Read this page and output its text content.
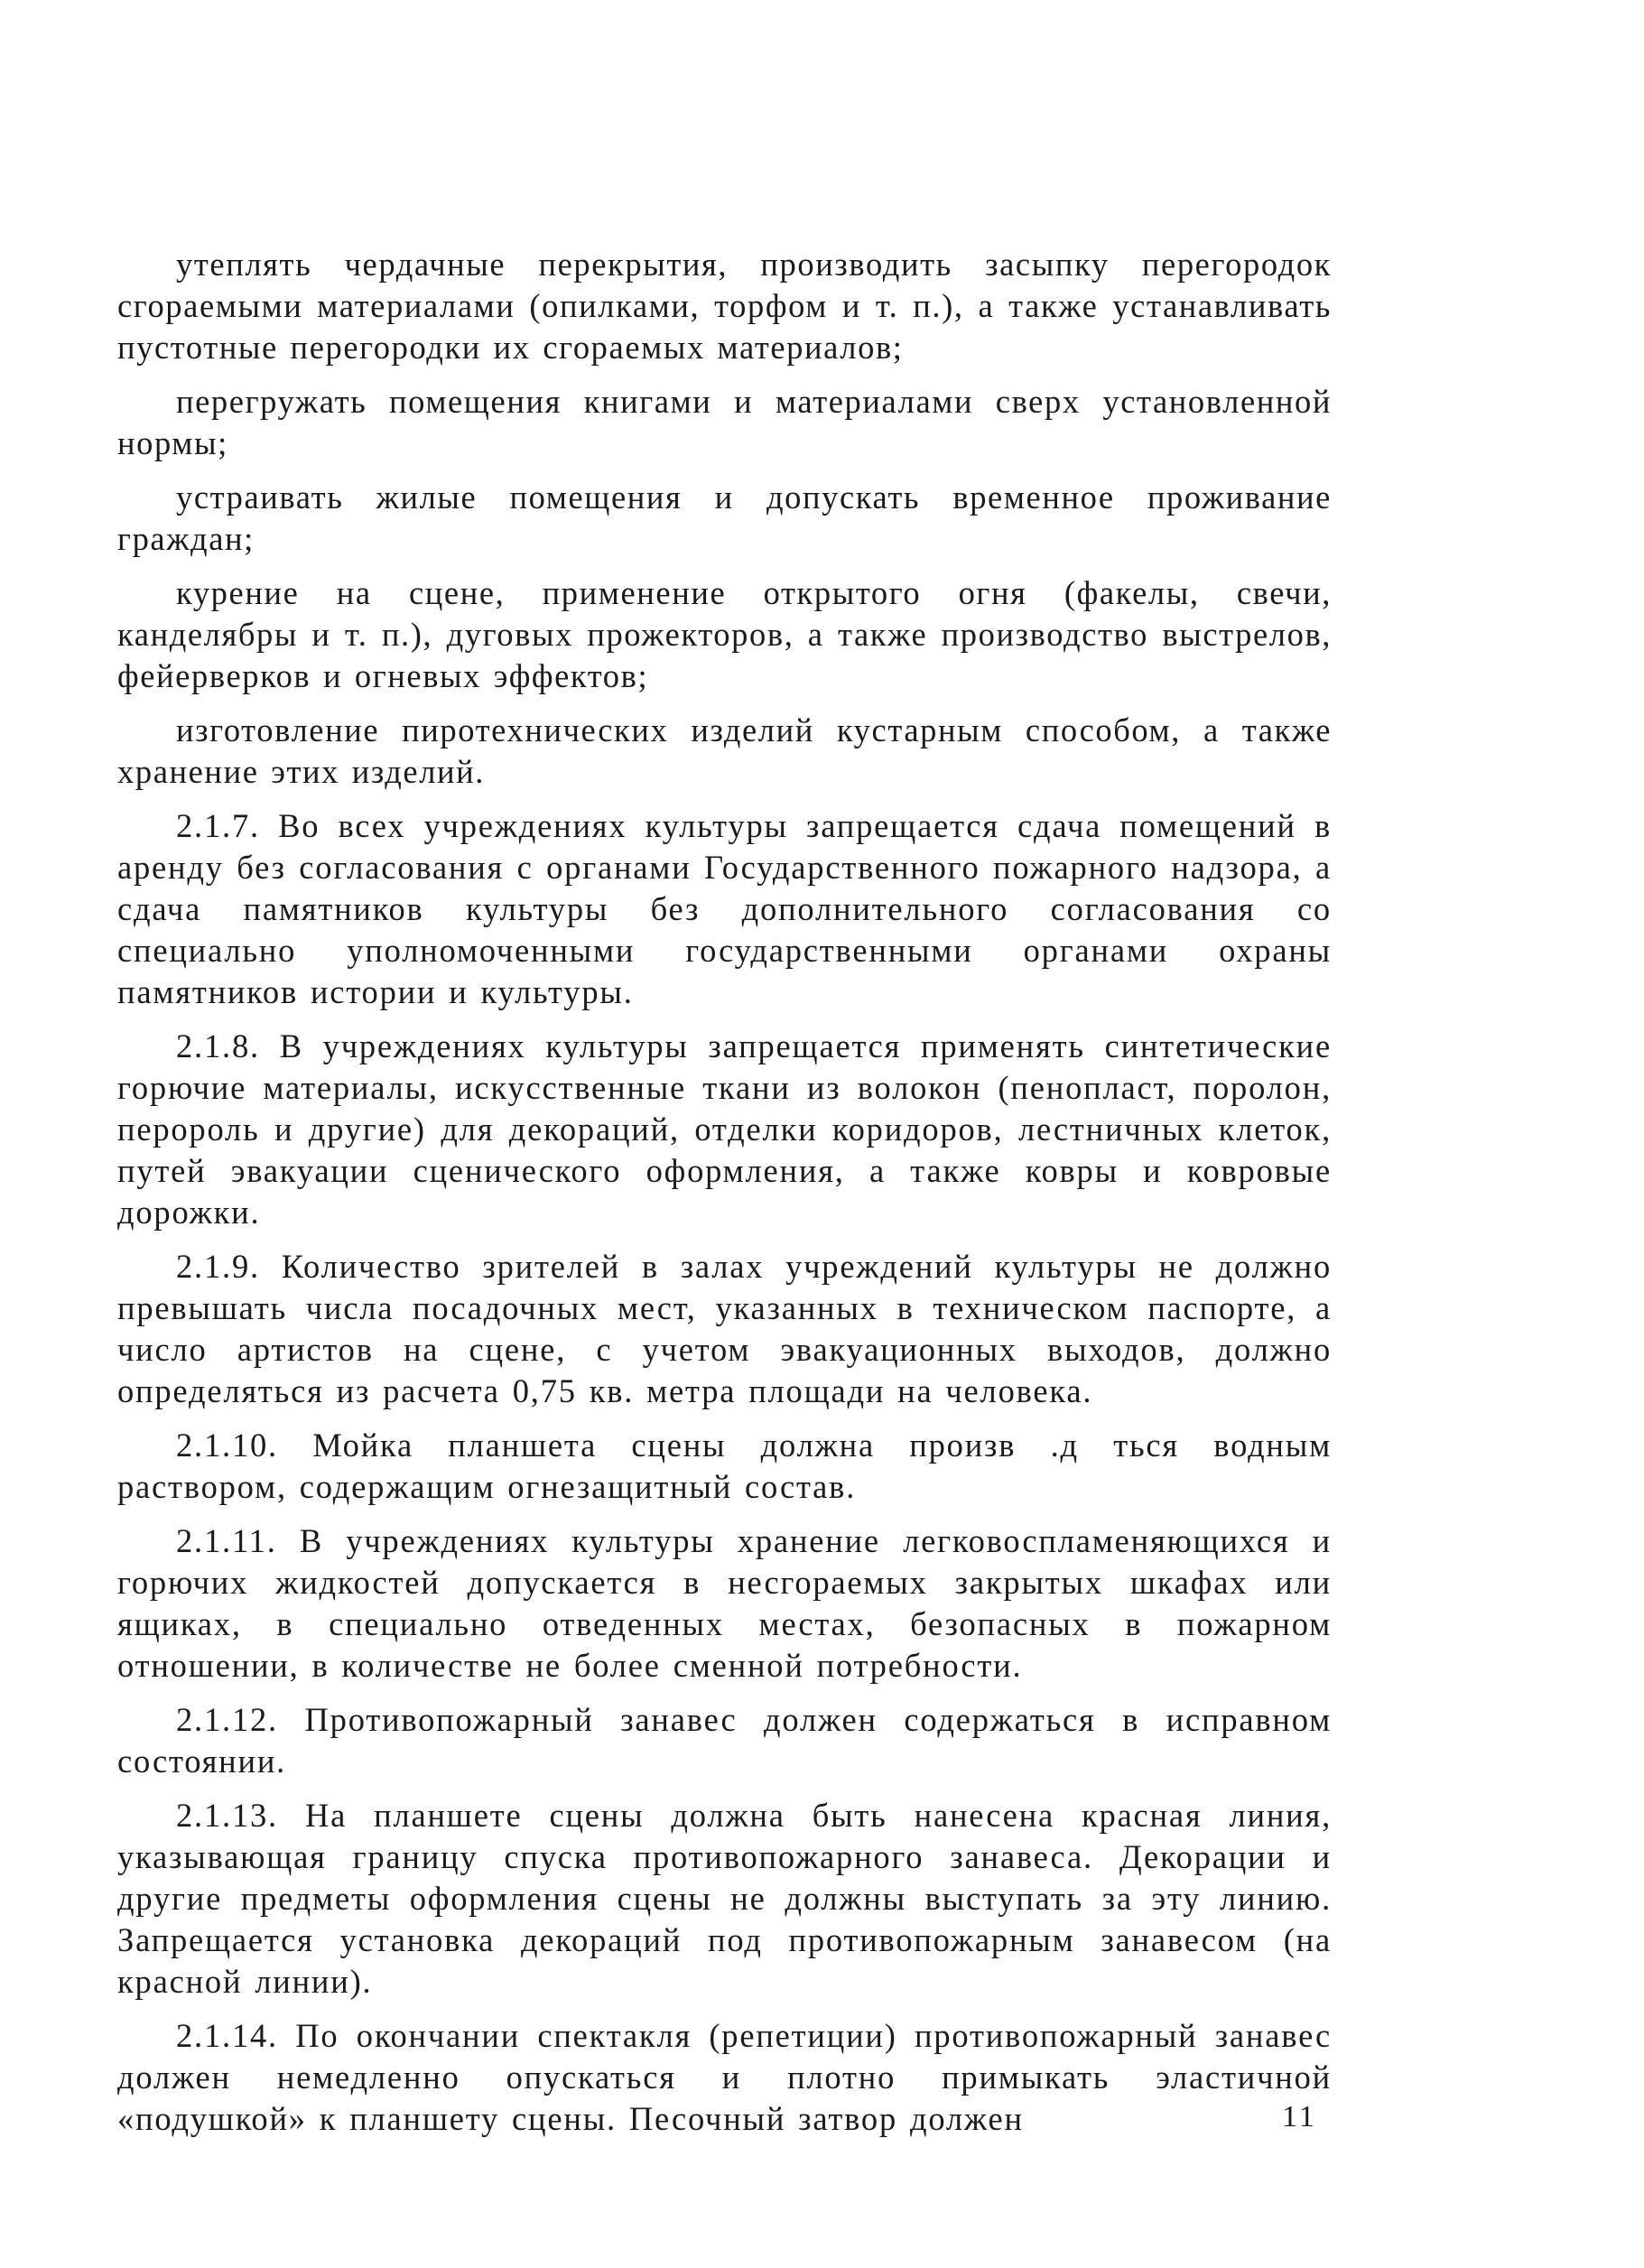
утеплять чердачные перекрытия, производить засыпку перегородок сгораемыми материалами (опилками, торфом и т. п.), а также устанавливать пустотные перегородки их сгораемых материалов;

перегружать помещения книгами и материалами сверх установленной нормы;

устраивать жилые помещения и допускать временное проживание граждан;

курение на сцене, применение открытого огня (факелы, свечи, канделябры и т. п.), дуговых прожекторов, а также производство выстрелов, фейерверков и огневых эффектов;

изготовление пиротехнических изделий кустарным способом, а также хранение этих изделий.

2.1.7. Во всех учреждениях культуры запрещается сдача помещений в аренду без согласования с органами Государственного пожарного надзора, а сдача памятников культуры без дополнительного согласования со специально уполномоченными государственными органами охраны памятников истории и культуры.

2.1.8. В учреждениях культуры запрещается применять синтетические горючие материалы, искусственные ткани из волокон (пенопласт, поролон, перороль и другие) для декораций, отделки коридоров, лестничных клеток, путей эвакуации сценического оформления, а также ковры и ковровые дорожки.

2.1.9. Количество зрителей в залах учреждений культуры не должно превышать числа посадочных мест, указанных в техническом паспорте, а число артистов на сцене, с учетом эвакуационных выходов, должно определяться из расчета 0,75 кв. метра площади на человека.

2.1.10. Мойка планшета сцены должна произв .д ться водным раствором, содержащим огнезащитный состав.

2.1.11. В учреждениях культуры хранение легковоспламеняющихся и горючих жидкостей допускается в несгораемых закрытых шкафах или ящиках, в специально отведенных местах, безопасных в пожарном отношении, в количестве не более сменной потребности.

2.1.12. Противопожарный занавес должен содержаться в исправном состоянии.

2.1.13. На планшете сцены должна быть нанесена красная линия, указывающая границу спуска противопожарного занавеса. Декорации и другие предметы оформления сцены не должны выступать за эту линию. Запрещается установка декораций под противопожарным занавесом (на красной линии).

2.1.14. По окончании спектакля (репетиции) противопожарный занавес должен немедленно опускаться и плотно примыкать эластичной «подушкой» к планшету сцены. Песочный затвор должен	11
